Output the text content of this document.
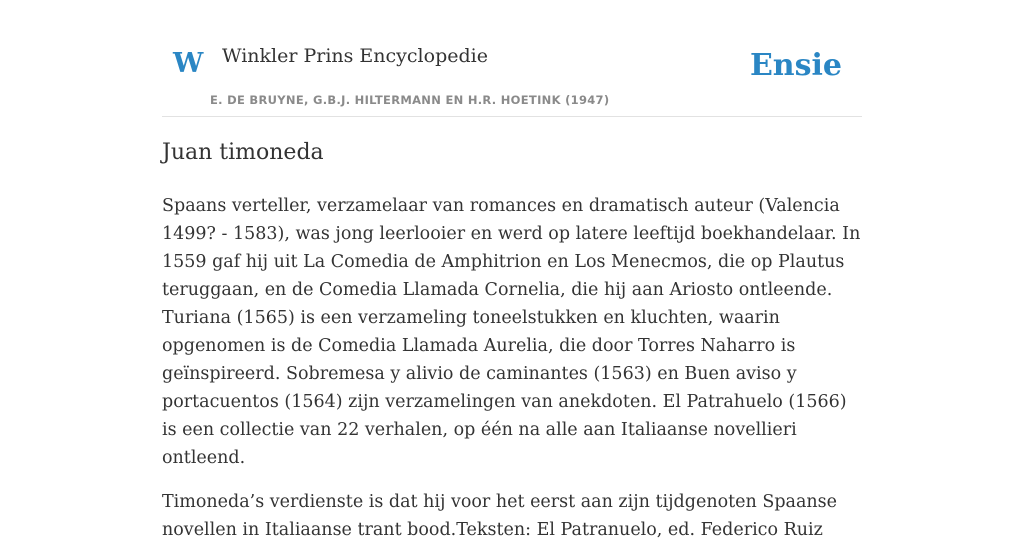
W Winkler Prins Encyclopedie
E. DE BRUYNE, G.B.J. HILTERMANN EN H.R. HOETINK (1947)
Ensie
Juan timoneda

Spaans verteller, verzamelaar van romances en dramatisch auteur (Valencia 1499? - 1583), was jong leerlooier en werd op latere leeftijd boekhandelaar. In 1559 gaf hij uit La Comedia de Amphitrion en Los Menecmos, die op Plautus teruggaan, en de Comedia Llamada Cornelia, die hij aan Ariosto ontleende. Turiana (1565) is een verzameling toneelstukken en kluchten, waarin opgenomen is de Comedia Llamada Aurelia, die door Torres Naharro is geïnspireerd. Sobremesa y alivio de caminantes (1563) en Buen aviso y portacuentos (1564) zijn verzamelingen van anekdoten. El Patrahuelo (1566) is een collectie van 22 verhalen, op één na alle aan Italiaanse novellieri ontleend.

Timoneda’s verdienste is dat hij voor het eerst aan zijn tijdgenoten Spaanse novellen in Italiaanse trant bood.Teksten: El Patranuelo, ed. Federico Ruiz
